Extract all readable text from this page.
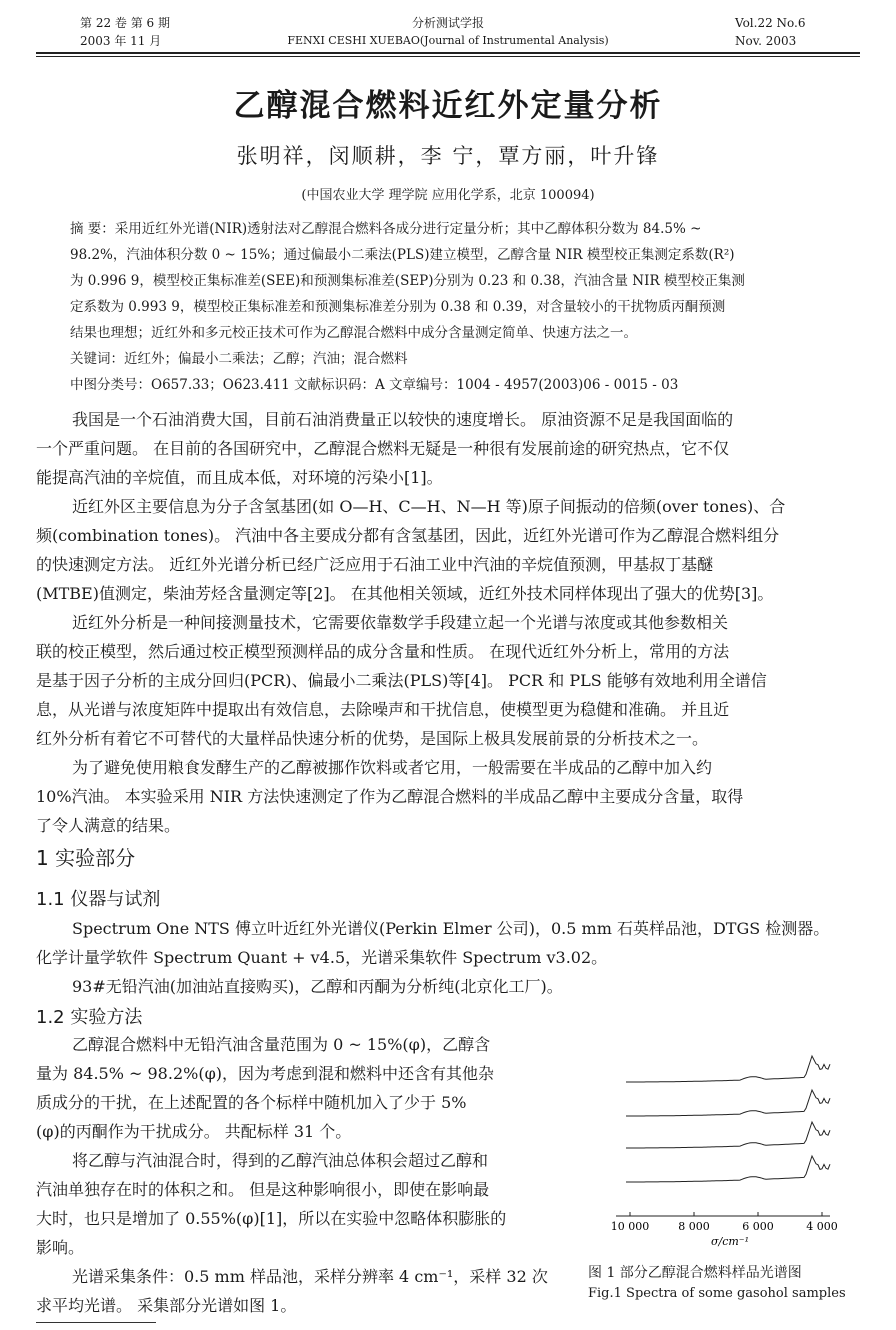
第 22 卷 第 6 期
2003 年 11 月
分析测试学报
FENXI CESHI XUEBAO(Journal of Instrumental Analysis)
Vol.22 No.6
Nov. 2003
乙醇混合燃料近红外定量分析
张明祥，闵顺耕，李 宁，覃方丽，叶升锋
(中国农业大学 理学院 应用化学系，北京 100094)
摘 要：采用近红外光谱(NIR)透射法对乙醇混合燃料各成分进行定量分析；其中乙醇体积分数为 84.5% ~
98.2%，汽油体积分数 0 ~ 15%；通过偏最小二乘法(PLS)建立模型，乙醇含量 NIR 模型校正集测定系数(R²)
为 0.996 9，模型校正集标准差(SEE)和预测集标准差(SEP)分别为 0.23 和 0.38，汽油含量 NIR 模型校正集测
定系数为 0.993 9，模型校正集标准差和预测集标准差分别为 0.38 和 0.39，对含量较小的干扰物质丙酮预测
结果也理想；近红外和多元校正技术可作为乙醇混合燃料中成分含量测定简单、快速方法之一。
关键词：近红外；偏最小二乘法；乙醇；汽油；混合燃料
中图分类号：O657.33；O623.411 文献标识码：A 文章编号：1004 - 4957(2003)06 - 0015 - 03
我国是一个石油消费大国，目前石油消费量正以较快的速度增长。 原油资源不足是我国面临的
一个严重问题。 在目前的各国研究中，乙醇混合燃料无疑是一种很有发展前途的研究热点，它不仅
能提高汽油的辛烷值，而且成本低，对环境的污染小[1]。
近红外区主要信息为分子含氢基团(如 O—H、C—H、N—H 等)原子间振动的倍频(over tones)、合
频(combination tones)。 汽油中各主要成分都有含氢基团，因此，近红外光谱可作为乙醇混合燃料组分
的快速测定方法。 近红外光谱分析已经广泛应用于石油工业中汽油的辛烷值预测，甲基叔丁基醚
(MTBE)值测定，柴油芳烃含量测定等[2]。 在其他相关领域，近红外技术同样体现出了强大的优势[3]。
近红外分析是一种间接测量技术，它需要依靠数学手段建立起一个光谱与浓度或其他参数相关
联的校正模型，然后通过校正模型预测样品的成分含量和性质。 在现代近红外分析上，常用的方法
是基于因子分析的主成分回归(PCR)、偏最小二乘法(PLS)等[4]。 PCR 和 PLS 能够有效地利用全谱信
息，从光谱与浓度矩阵中提取出有效信息，去除噪声和干扰信息，使模型更为稳健和准确。 并且近
红外分析有着它不可替代的大量样品快速分析的优势，是国际上极具发展前景的分析技术之一。
为了避免使用粮食发酵生产的乙醇被挪作饮料或者它用，一般需要在半成品的乙醇中加入约
10%汽油。 本实验采用 NIR 方法快速测定了作为乙醇混合燃料的半成品乙醇中主要成分含量，取得
了令人满意的结果。
1 实验部分
1.1 仪器与试剂
Spectrum One NTS 傅立叶近红外光谱仪(Perkin Elmer 公司)，0.5 mm 石英样品池，DTGS 检测器。
化学计量学软件 Spectrum Quant + v4.5，光谱采集软件 Spectrum v3.02。
93#无铅汽油(加油站直接购买)，乙醇和丙酮为分析纯(北京化工厂)。
1.2 实验方法
乙醇混合燃料中无铅汽油含量范围为 0 ~ 15%(φ)，乙醇含
量为 84.5% ~ 98.2%(φ)，因为考虑到混和燃料中还含有其他杂
质成分的干扰，在上述配置的各个标样中随机加入了少于 5%
(φ)的丙酮作为干扰成分。 共配标样 31 个。
将乙醇与汽油混合时，得到的乙醇汽油总体积会超过乙醇和
汽油单独存在时的体积之和。 但是这种影响很小，即使在影响最
大时，也只是增加了 0.55%(φ)[1]，所以在实验中忽略体积膨胀的
影响。
光谱采集条件：0.5 mm 样品池，采样分辨率 4 cm⁻¹，采样 32 次
求平均光谱。 采集部分光谱如图 1。
10 000	8 000	6 000	4 000
σ/cm⁻¹
图 1 部分乙醇混合燃料样品光谱图
Fig.1 Spectra of some gasohol samples
